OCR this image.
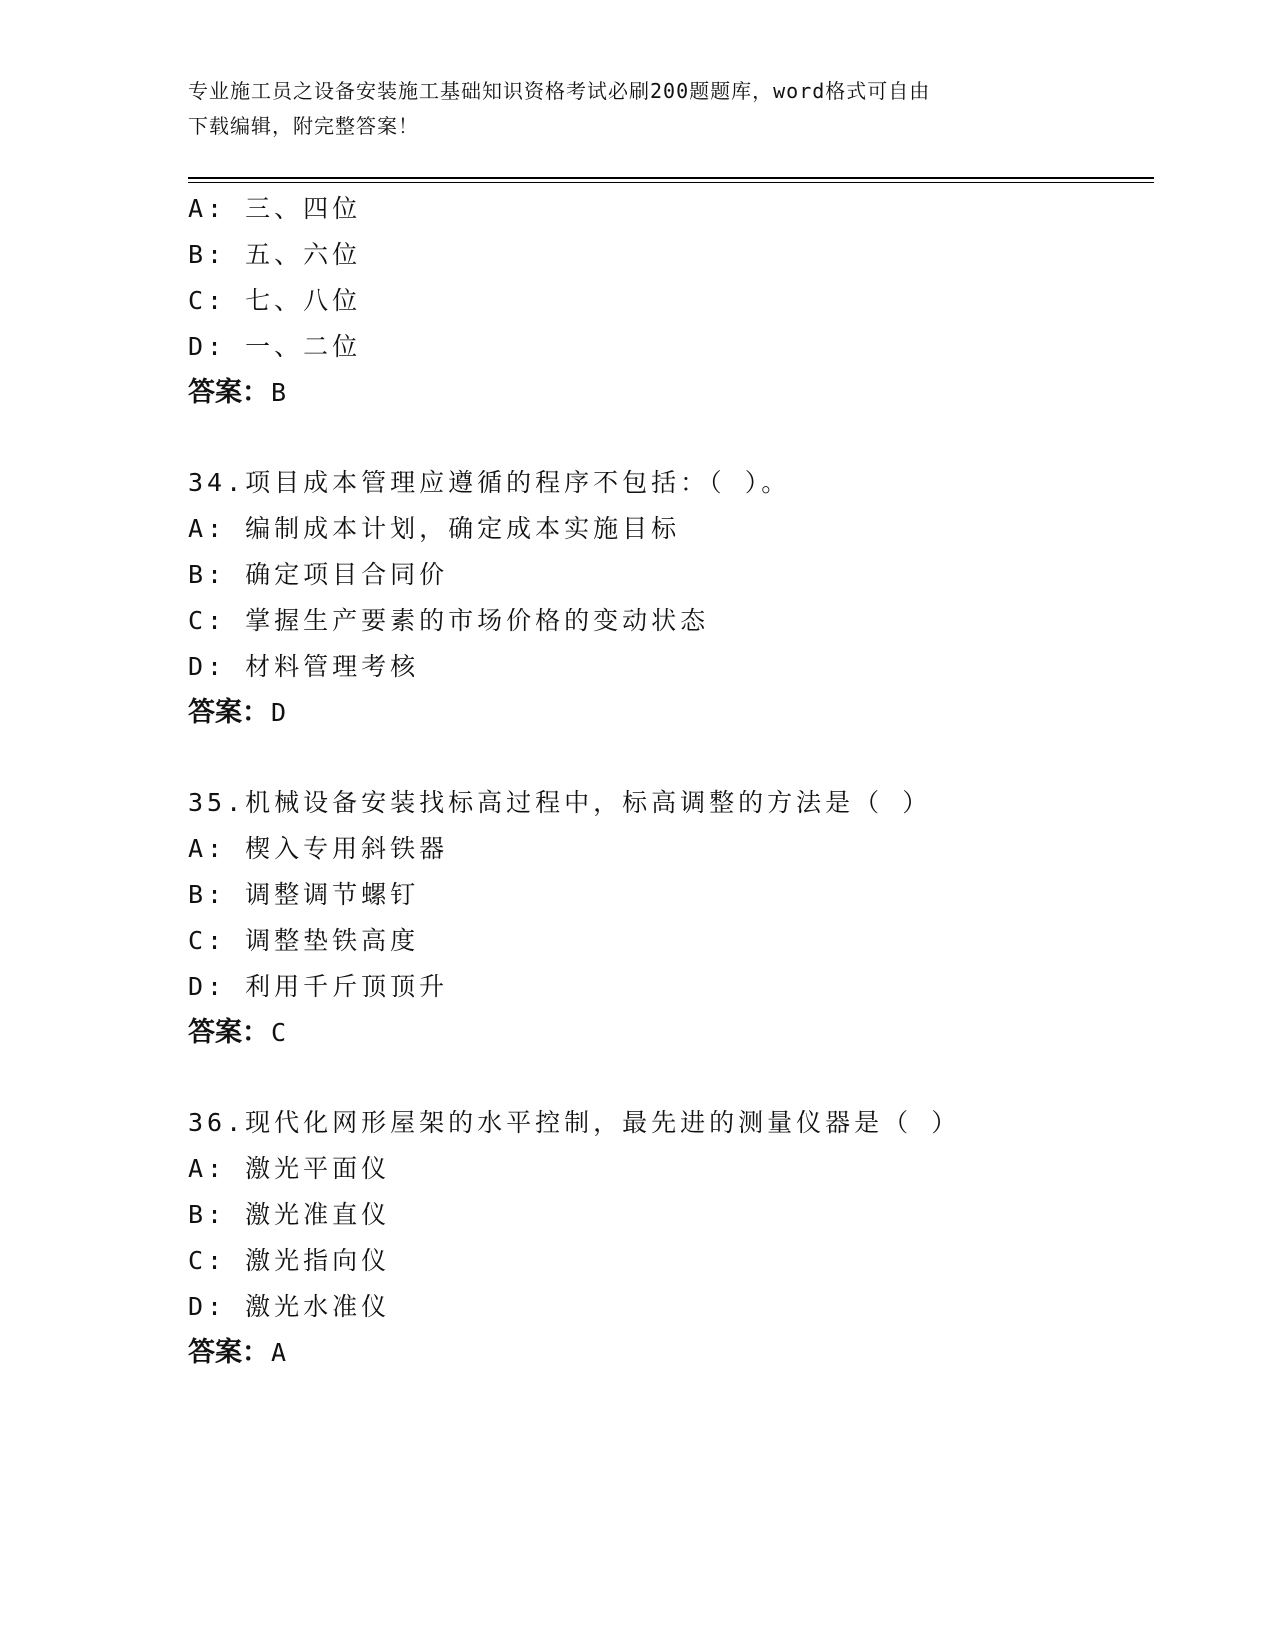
专业施工员之设备安装施工基础知识资格考试必刷200题题库，word格式可自由
下载编辑，附完整答案！
A: 三、四位
B: 五、六位
C: 七、八位
D: 一、二位
答案： B
34.项目成本管理应遵循的程序不包括：（ ）。
A: 编制成本计划，确定成本实施目标
B: 确定项目合同价
C: 掌握生产要素的市场价格的变动状态
D: 材料管理考核
答案： D
35.机械设备安装找标高过程中，标高调整的方法是（ ）
A: 楔入专用斜铁器
B: 调整调节螺钉
C: 调整垫铁高度
D: 利用千斤顶顶升
答案： C
36.现代化网形屋架的水平控制，最先进的测量仪器是（ ）
A: 激光平面仪
B: 激光准直仪
C: 激光指向仪
D: 激光水准仪
答案： A
